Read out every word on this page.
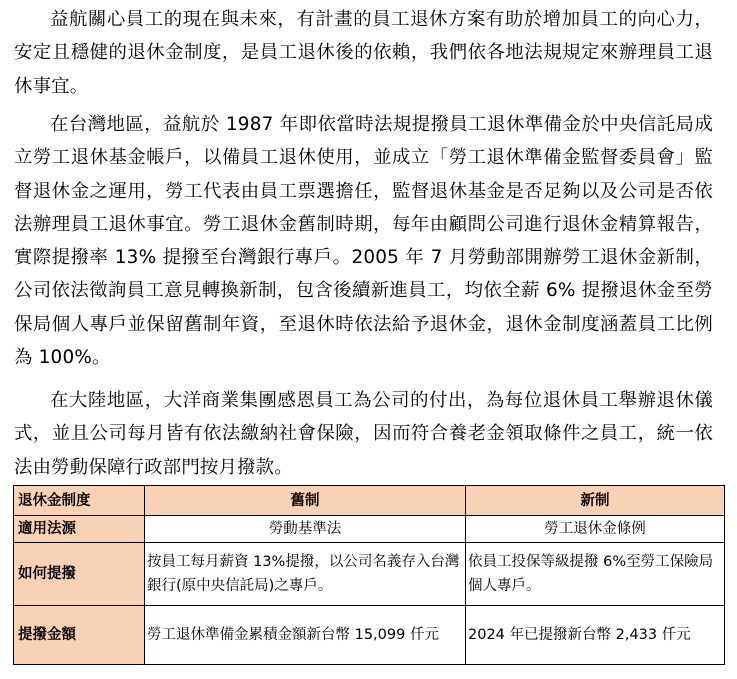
益航關心員工的現在與未來，有計畫的員工退休方案有助於增加員工的向心力，安定且穩健的退休金制度，是員工退休後的依賴，我們依各地法規規定來辦理員工退休事宜。

在台灣地區，益航於 1987 年即依當時法規提撥員工退休準備金於中央信託局成立勞工退休基金帳戶，以備員工退休使用，並成立「勞工退休準備金監督委員會」監督退休金之運用，勞工代表由員工票選擔任，監督退休基金是否足夠以及公司是否依法辦理員工退休事宜。勞工退休金舊制時期，每年由顧問公司進行退休金精算報告，實際提撥率 13% 提撥至台灣銀行專戶。2005 年 7 月勞動部開辦勞工退休金新制，公司依法徵詢員工意見轉換新制，包含後續新進員工，均依全薪 6% 提撥退休金至勞保局個人專戶並保留舊制年資，至退休時依法給予退休金，退休金制度涵蓋員工比例為 100%。

在大陸地區，大洋商業集團感恩員工為公司的付出，為每位退休員工舉辦退休儀式，並且公司每月皆有依法繳納社會保險，因而符合養老金領取條件之員工，統一依法由勞動保障行政部門按月撥款。

退休金制度	舊制	新制
適用法源	勞動基準法	勞工退休金條例
如何提撥	按員工每月薪資 13%提撥，以公司名義存入台灣銀行(原中央信託局)之專戶。	依員工投保等級提撥 6%至勞工保險局個人專戶。
提撥金額	勞工退休準備金累積金額新台幣 15,099 仟元	2024 年已提撥新台幣 2,433 仟元
